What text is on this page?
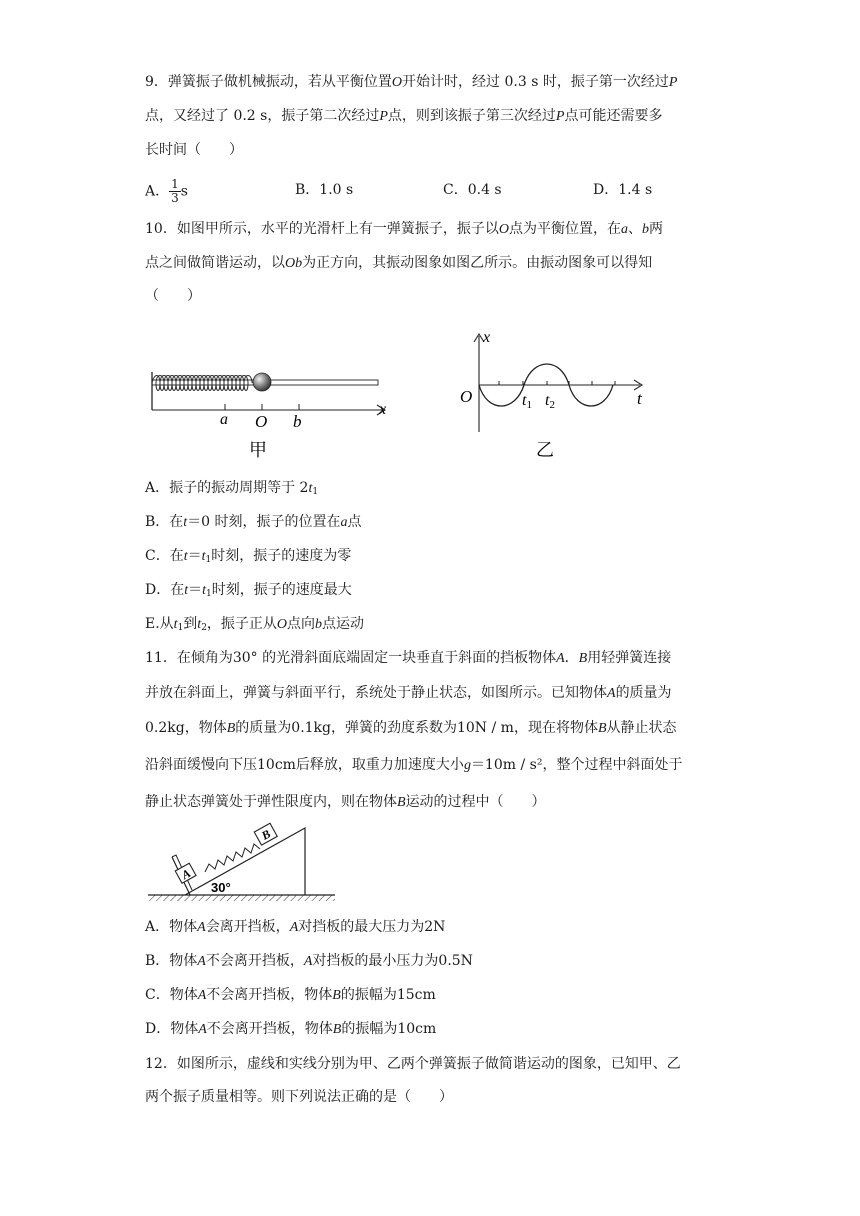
9．弹簧振子做机械振动，若从平衡位置O开始计时，经过 0.3 s 时，振子第一次经过P
点，又经过了 0.2 s，振子第二次经过P点，则到该振子第三次经过P点可能还需要多
长时间（　　）
A． $\frac{1}{3}$ s	B．1.0 s	C．0.4 s	D．1.4 s
10．如图甲所示，水平的光滑杆上有一弹簧振子，振子以O点为平衡位置，在a、b两
点之间做简谐运动，以Ob为正方向，其振动图象如图乙所示。由振动图象可以得知
（　　）
a O b
x
甲
x
O	t
t1 t2
乙
A．振子的振动周期等于 $2t_1$
B．在t＝0 时刻，振子的位置在a点
C．在$t=t_1$时刻，振子的速度为零
D．在$t=t_1$时刻，振子的速度最大
E.从$t_1$到$t_2$，振子正从O点向b点运动
11．在倾角为30° 的光滑斜面底端固定一块垂直于斜面的挡板物体A．B用轻弹簧连接
并放在斜面上，弹簧与斜面平行，系统处于静止状态，如图所示。已知物体A的质量为
0.2kg，物体B的质量为0.1kg，弹簧的劲度系数为10N / m，现在将物体B从静止状态
沿斜面缓慢向下压10cm后释放，取重力加速度大小g＝10m / s²，整个过程中斜面处于
静止状态弹簧处于弹性限度内，则在物体B运动的过程中（　　）
A
B
30°
A．物体A会离开挡板，A对挡板的最大压力为2N
B．物体A不会离开挡板，A对挡板的最小压力为0.5N
C．物体A不会离开挡板，物体B的振幅为15cm
D．物体A不会离开挡板，物体B的振幅为10cm
12．如图所示，虚线和实线分别为甲、乙两个弹簧振子做简谐运动的图象，已知甲、乙
两个振子质量相等。则下列说法正确的是（　　）
